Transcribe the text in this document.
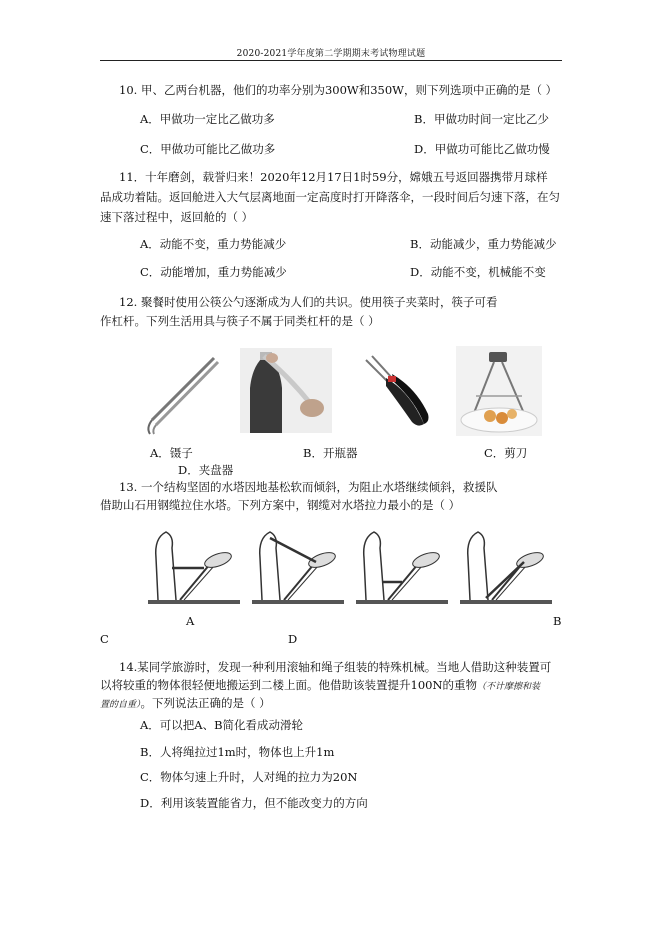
2020-2021学年度第二学期期末考试物理试题
10. 甲、乙两台机器，他们的功率分别为300W和350W，则下列选项中正确的是（ ）
A．甲做功一定比乙做功多	B．甲做功时间一定比乙少
C．甲做功可能比乙做功多	D．甲做功可能比乙做功慢
11．十年磨剑，载誉归来！2020年12月17日1时59分，嫦娥五号返回器携带月球样
品成功着陆。返回舱进入大气层离地面一定高度时打开降落伞，一段时间后匀速下落，在匀
速下落过程中，返回舱的（ ）
A．动能不变，重力势能减少	B．动能减少，重力势能减少
C．动能增加，重力势能减少	D．动能不变，机械能不变
12. 聚餐时使用公筷公勺逐渐成为人们的共识。使用筷子夹菜时，筷子可看
作杠杆。下列生活用具与筷子不属于同类杠杆的是（ ）
A．镊子	B．开瓶器	C．剪刀
D．夹盘器
13. 一个结构坚固的水塔因地基松软而倾斜，为阻止水塔继续倾斜，救援队
借助山石用钢缆拉住水塔。下列方案中，钢缆对水塔拉力最小的是（ ）
A	B
C	D
14.某同学旅游时，发现一种利用滚轴和绳子组装的特殊机械。当地人借助这种装置可
以将较重的物体很轻便地搬运到二楼上面。他借助该装置提升100N的重物（不计摩擦和装
置的自重）。下列说法正确的是（ ）
A．可以把A、B简化看成动滑轮
B．人将绳拉过1m时，物体也上升1m
C．物体匀速上升时，人对绳的拉力为20N
D．利用该装置能省力，但不能改变力的方向
